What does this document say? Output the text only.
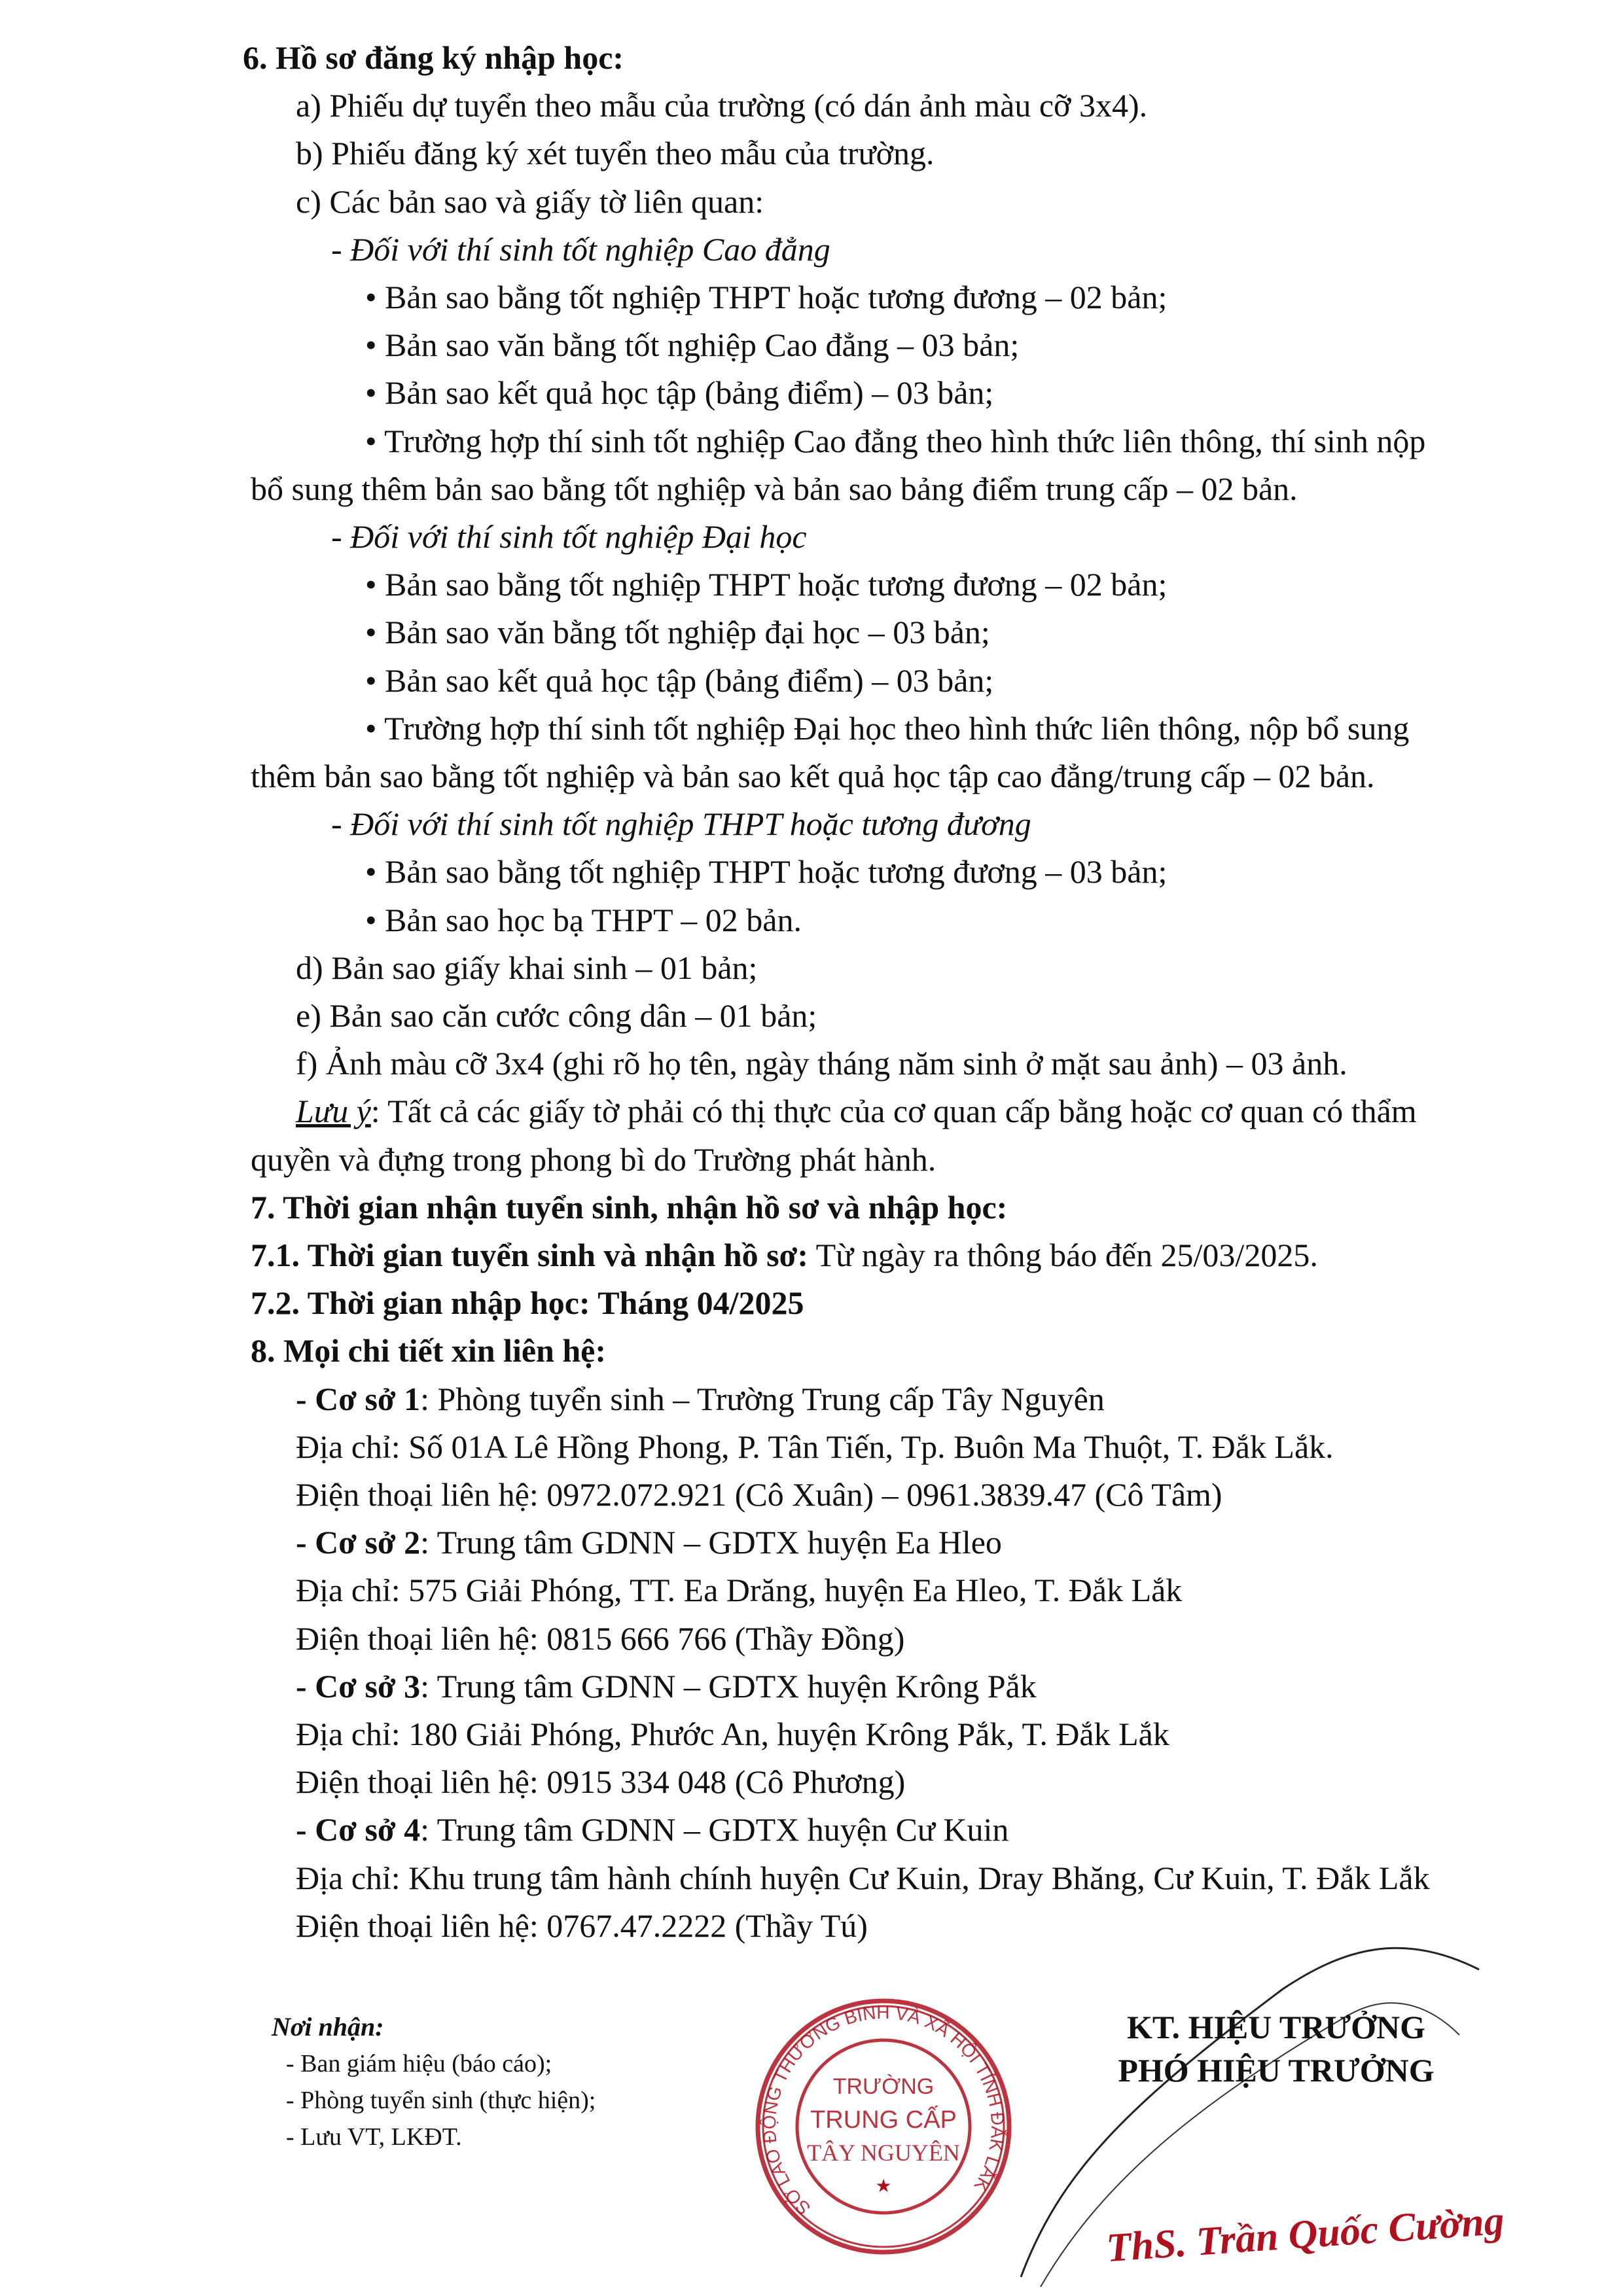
6. Hồ sơ đăng ký nhập học:
a) Phiếu dự tuyển theo mẫu của trường (có dán ảnh màu cỡ 3x4).
b) Phiếu đăng ký xét tuyển theo mẫu của trường.
c) Các bản sao và giấy tờ liên quan:
- Đối với thí sinh tốt nghiệp Cao đẳng
• Bản sao bằng tốt nghiệp THPT hoặc tương đương – 02 bản;
• Bản sao văn bằng tốt nghiệp Cao đẳng – 03 bản;
• Bản sao kết quả học tập (bảng điểm) – 03 bản;
• Trường hợp thí sinh tốt nghiệp Cao đẳng theo hình thức liên thông, thí sinh nộp
bổ sung thêm bản sao bằng tốt nghiệp và bản sao bảng điểm trung cấp – 02 bản.
- Đối với thí sinh tốt nghiệp Đại học
• Bản sao bằng tốt nghiệp THPT hoặc tương đương – 02 bản;
• Bản sao văn bằng tốt nghiệp đại học – 03 bản;
• Bản sao kết quả học tập (bảng điểm) – 03 bản;
• Trường hợp thí sinh tốt nghiệp Đại học theo hình thức liên thông, nộp bổ sung
thêm bản sao bằng tốt nghiệp và bản sao kết quả học tập cao đẳng/trung cấp – 02 bản.
- Đối với thí sinh tốt nghiệp THPT hoặc tương đương
• Bản sao bằng tốt nghiệp THPT hoặc tương đương – 03 bản;
• Bản sao học bạ THPT – 02 bản.
d) Bản sao giấy khai sinh – 01 bản;
e) Bản sao căn cước công dân – 01 bản;
f) Ảnh màu cỡ 3x4 (ghi rõ họ tên, ngày tháng năm sinh ở mặt sau ảnh) – 03 ảnh.
Lưu ý: Tất cả các giấy tờ phải có thị thực của cơ quan cấp bằng hoặc cơ quan có thẩm
quyền và đựng trong phong bì do Trường phát hành.
7. Thời gian nhận tuyển sinh, nhận hồ sơ và nhập học:
7.1. Thời gian tuyển sinh và nhận hồ sơ: Từ ngày ra thông báo đến 25/03/2025.
7.2. Thời gian nhập học: Tháng 04/2025
8. Mọi chi tiết xin liên hệ:
- Cơ sở 1: Phòng tuyển sinh – Trường Trung cấp Tây Nguyên
Địa chỉ: Số 01A Lê Hồng Phong, P. Tân Tiến, Tp. Buôn Ma Thuột, T. Đắk Lắk.
Điện thoại liên hệ: 0972.072.921 (Cô Xuân) – 0961.3839.47 (Cô Tâm)
- Cơ sở 2: Trung tâm GDNN – GDTX huyện Ea Hleo
Địa chỉ: 575 Giải Phóng, TT. Ea Drăng, huyện Ea Hleo, T. Đắk Lắk
Điện thoại liên hệ: 0815 666 766 (Thầy Đồng)
- Cơ sở 3: Trung tâm GDNN – GDTX huyện Krông Pắk
Địa chỉ: 180 Giải Phóng, Phước An, huyện Krông Pắk, T. Đắk Lắk
Điện thoại liên hệ: 0915 334 048 (Cô Phương)
- Cơ sở 4: Trung tâm GDNN – GDTX huyện Cư Kuin
Địa chỉ: Khu trung tâm hành chính huyện Cư Kuin, Dray Bhăng, Cư Kuin, T. Đắk Lắk
Điện thoại liên hệ: 0767.47.2222 (Thầy Tú)
Nơi nhận:
- Ban giám hiệu (báo cáo);
- Phòng tuyển sinh (thực hiện);
- Lưu VT, LKĐT.
SỞ LAO ĐỘNG THƯƠNG BINH VÀ XÃ HỘI TỈNH ĐẮK LẮK
TRƯỜNG
TRUNG CẤP
TÂY NGUYÊN
★
KT. HIỆU TRƯỞNG
PHÓ HIỆU TRƯỞNG
ThS. Trần Quốc Cường
